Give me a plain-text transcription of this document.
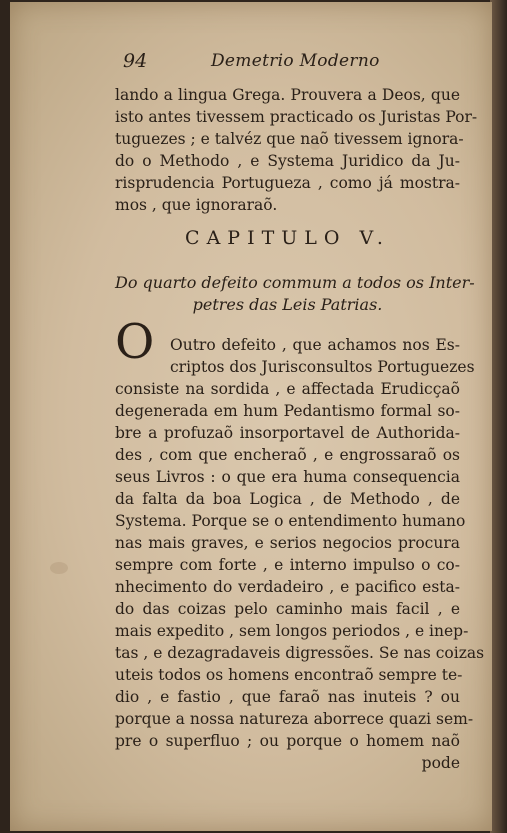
94	Demetrio Moderno
lando a lingua Grega. Prouvera a Deos, que
isto antes tivessem practicado os Juristas Por-
tuguezes ; e talvéz que naõ tivessem ignora-
do o Methodo , e Systema Juridico da Ju-
risprudencia Portugueza , como já mostra-
mos , que ignoraraõ.
CAPITULO V.
Do quarto defeito commum a todos os Inter-
petres das Leis Patrias.
O Outro defeito , que achamos nos Es-
criptos dos Jurisconsultos Portuguezes
consiste na sordida , e affectada Erudicçaõ
degenerada em hum Pedantismo formal so-
bre a profuzaõ insorportavel de Authorida-
des , com que encheraõ , e engrossaraõ os
seus Livros : o que era huma consequencia
da falta da boa Logica , de Methodo , de
Systema. Porque se o entendimento humano
nas mais graves, e serios negocios procura
sempre com forte , e interno impulso o co-
nhecimento do verdadeiro , e pacifico esta-
do das coizas pelo caminho mais facil , e
mais expedito , sem longos periodos , e inep-
tas , e dezagradaveis digressões. Se nas coizas
uteis todos os homens encontraõ sempre te-
dio , e fastio , que faraõ nas inuteis ? ou
porque a nossa natureza aborrece quazi sem-
pre o superfluo ; ou porque o homem naõ
pode
